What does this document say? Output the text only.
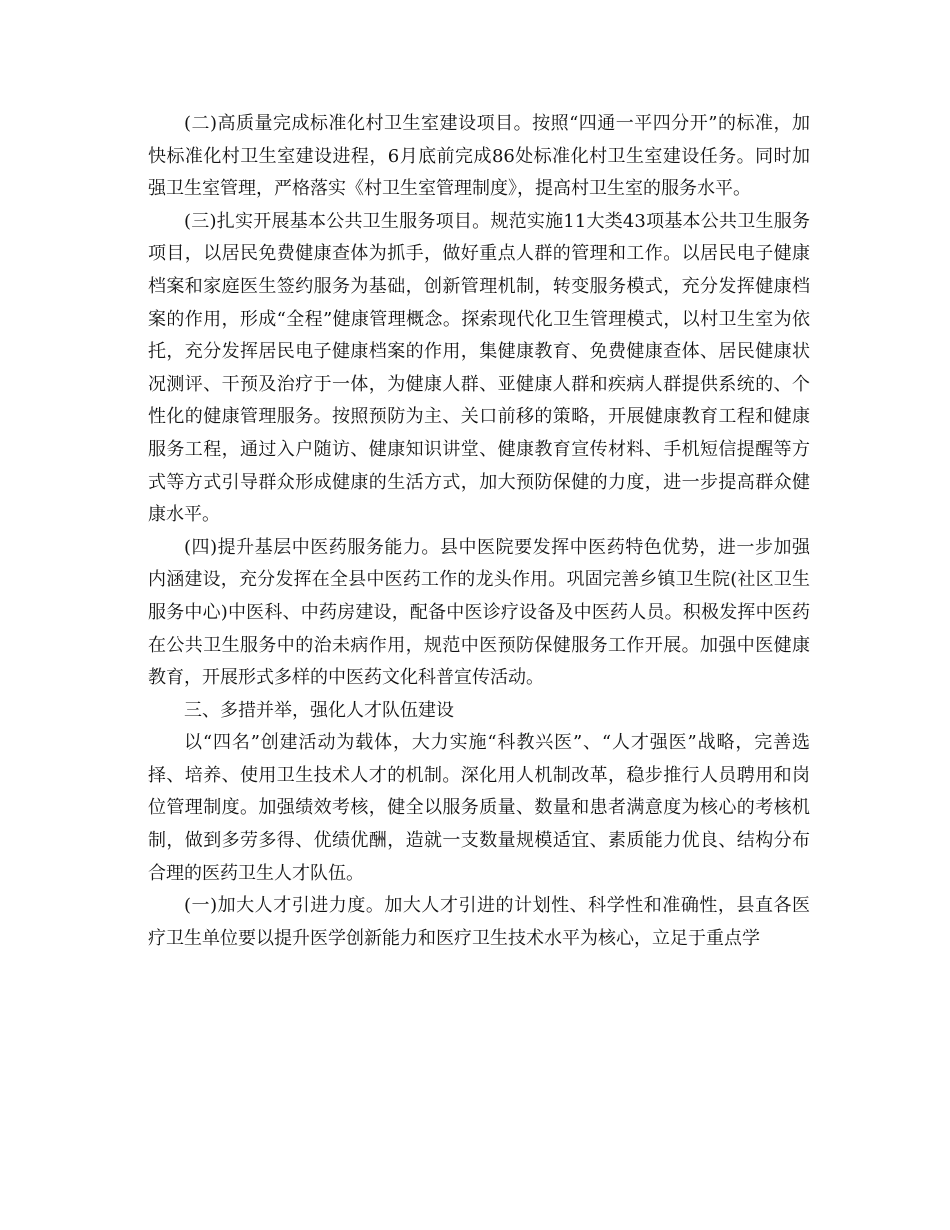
(二)高质量完成标准化村卫生室建设项目。按照“四通一平四分开”的标准，加快标准化村卫生室建设进程，6月底前完成86处标准化村卫生室建设任务。同时加强卫生室管理，严格落实《村卫生室管理制度》，提高村卫生室的服务水平。

(三)扎实开展基本公共卫生服务项目。规范实施11大类43项基本公共卫生服务项目，以居民免费健康查体为抓手，做好重点人群的管理和工作。以居民电子健康档案和家庭医生签约服务为基础，创新管理机制，转变服务模式，充分发挥健康档案的作用，形成“全程”健康管理概念。探索现代化卫生管理模式，以村卫生室为依托，充分发挥居民电子健康档案的作用，集健康教育、免费健康查体、居民健康状况测评、干预及治疗于一体，为健康人群、亚健康人群和疾病人群提供系统的、个性化的健康管理服务。按照预防为主、关口前移的策略，开展健康教育工程和健康服务工程，通过入户随访、健康知识讲堂、健康教育宣传材料、手机短信提醒等方式等方式引导群众形成健康的生活方式，加大预防保健的力度，进一步提高群众健康水平。

(四)提升基层中医药服务能力。县中医院要发挥中医药特色优势，进一步加强内涵建设，充分发挥在全县中医药工作的龙头作用。巩固完善乡镇卫生院(社区卫生服务中心)中医科、中药房建设，配备中医诊疗设备及中医药人员。积极发挥中医药在公共卫生服务中的治未病作用，规范中医预防保健服务工作开展。加强中医健康教育，开展形式多样的中医药文化科普宣传活动。

三、多措并举，强化人才队伍建设

以“四名”创建活动为载体，大力实施“科教兴医”、“人才强医”战略，完善选择、培养、使用卫生技术人才的机制。深化用人机制改革，稳步推行人员聘用和岗位管理制度。加强绩效考核，健全以服务质量、数量和患者满意度为核心的考核机制，做到多劳多得、优绩优酬，造就一支数量规模适宜、素质能力优良、结构分布合理的医药卫生人才队伍。

(一)加大人才引进力度。加大人才引进的计划性、科学性和准确性，县直各医疗卫生单位要以提升医学创新能力和医疗卫生技术水平为核心，立足于重点学
